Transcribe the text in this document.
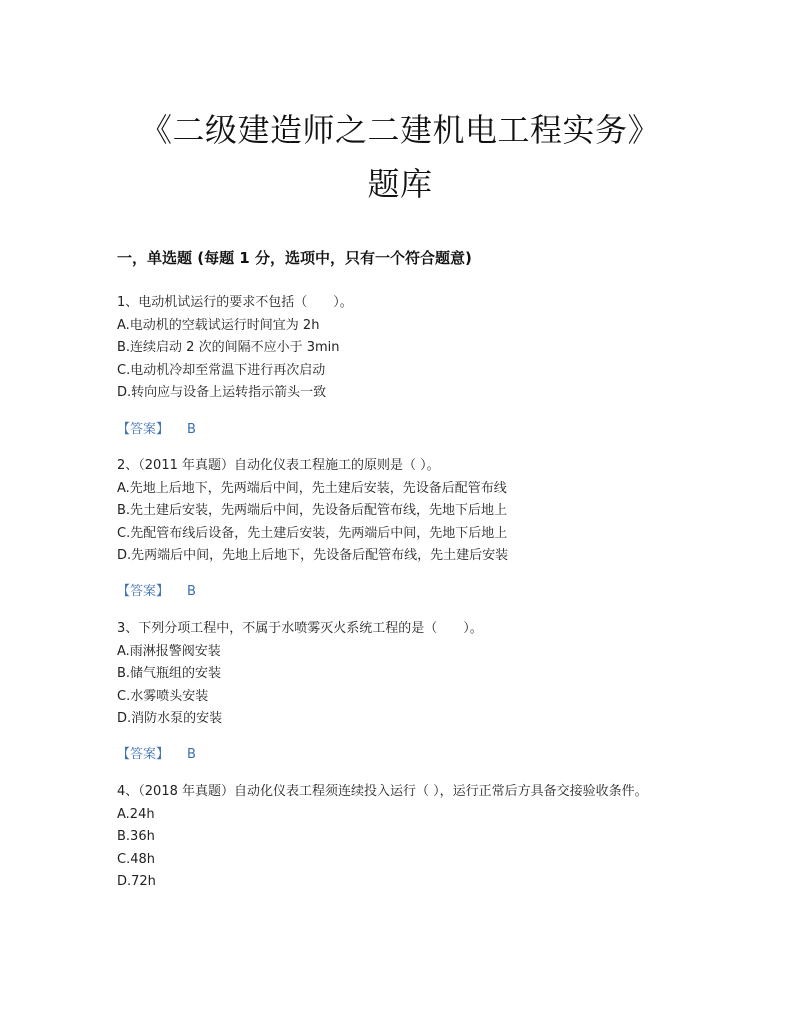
《二级建造师之二建机电工程实务》
题库
一，单选题 (每题 1 分，选项中，只有一个符合题意)
1、电动机试运行的要求不包括（　　）。
A.电动机的空载试运行时间宜为 2h
B.连续启动 2 次的间隔不应小于 3min
C.电动机冷却至常温下进行再次启动
D.转向应与设备上运转指示箭头一致
【答案】 B
2、（2011 年真题）自动化仪表工程施工的原则是（ ）。
A.先地上后地下，先两端后中间，先土建后安装，先设备后配管布线
B.先土建后安装，先两端后中间，先设备后配管布线，先地下后地上
C.先配管布线后设备，先土建后安装，先两端后中间，先地下后地上
D.先两端后中间，先地上后地下，先设备后配管布线，先土建后安装
【答案】 B
3、下列分项工程中，不属于水喷雾灭火系统工程的是（　　）。
A.雨淋报警阀安装
B.储气瓶组的安装
C.水雾喷头安装
D.消防水泵的安装
【答案】 B
4、（2018 年真题）自动化仪表工程须连续投入运行（ ），运行正常后方具备交接验收条件。
A.24h
B.36h
C.48h
D.72h
